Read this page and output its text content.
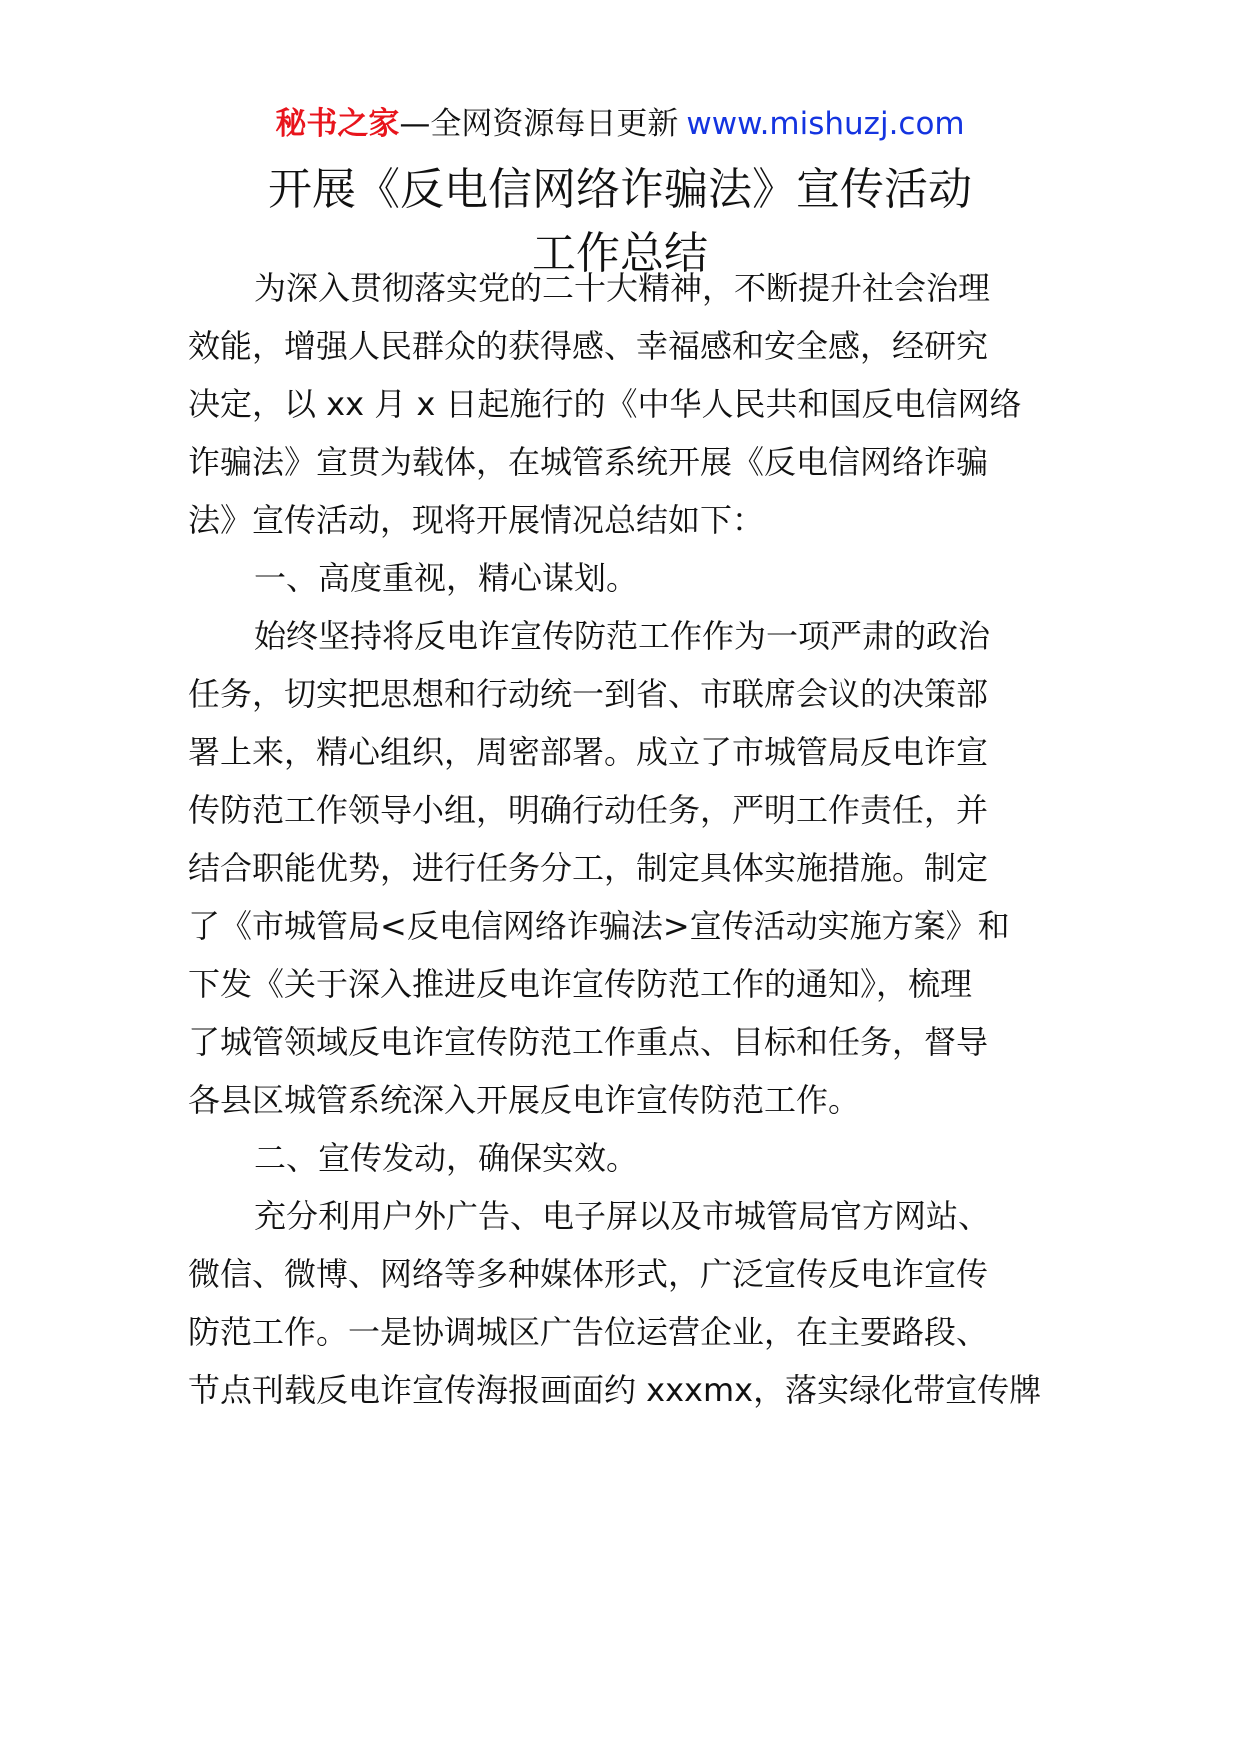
秘书之家—全网资源每日更新 www.mishuzj.com
开展《反电信网络诈骗法》宣传活动
工作总结
为深入贯彻落实党的二十大精神，不断提升社会治理
效能，增强人民群众的获得感、幸福感和安全感，经研究
决定，以 xx 月 x 日起施行的《中华人民共和国反电信网络
诈骗法》宣贯为载体，在城管系统开展《反电信网络诈骗
法》宣传活动，现将开展情况总结如下：
一、高度重视，精心谋划。
始终坚持将反电诈宣传防范工作作为一项严肃的政治
任务，切实把思想和行动统一到省、市联席会议的决策部
署上来，精心组织，周密部署。成立了市城管局反电诈宣
传防范工作领导小组，明确行动任务，严明工作责任，并
结合职能优势，进行任务分工，制定具体实施措施。制定
了《市城管局<反电信网络诈骗法>宣传活动实施方案》和
下发《关于深入推进反电诈宣传防范工作的通知》，梳理
了城管领域反电诈宣传防范工作重点、目标和任务，督导
各县区城管系统深入开展反电诈宣传防范工作。
二、宣传发动，确保实效。
充分利用户外广告、电子屏以及市城管局官方网站、
微信、微博、网络等多种媒体形式，广泛宣传反电诈宣传
防范工作。一是协调城区广告位运营企业，在主要路段、
节点刊载反电诈宣传海报画面约 xxxmx，落实绿化带宣传牌
